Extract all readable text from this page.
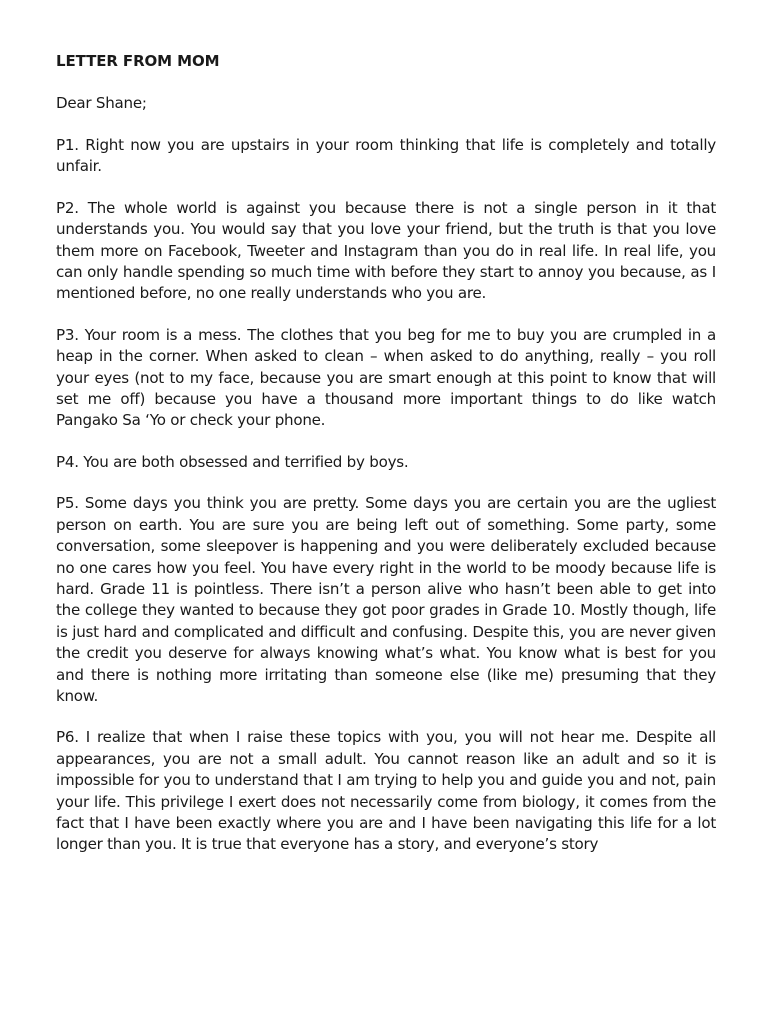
LETTER FROM MOM
Dear Shane;

P1. Right now you are upstairs in your room thinking that life is completely and totally unfair.

P2. The whole world is against you because there is not a single person in it that understands you. You would say that you love your friend, but the truth is that you love them more on Facebook, Tweeter and Instagram than you do in real life. In real life, you can only handle spending so much time with before they start to annoy you because, as I mentioned before, no one really understands who you are.

P3. Your room is a mess. The clothes that you beg for me to buy you are crumpled in a heap in the corner. When asked to clean – when asked to do anything, really – you roll your eyes (not to my face, because you are smart enough at this point to know that will set me off) because you have a thousand more important things to do like watch Pangako Sa ‘Yo or check your phone.

P4. You are both obsessed and terrified by boys.

P5. Some days you think you are pretty. Some days you are certain you are the ugliest person on earth. You are sure you are being left out of something. Some party, some conversation, some sleepover is happening and you were deliberately excluded because no one cares how you feel. You have every right in the world to be moody because life is hard. Grade 11 is pointless. There isn’t a person alive who hasn’t been able to get into the college they wanted to because they got poor grades in Grade 10. Mostly though, life is just hard and complicated and difficult and confusing. Despite this, you are never given the credit you deserve for always knowing what’s what. You know what is best for you and there is nothing more irritating than someone else (like me) presuming that they know.

P6. I realize that when I raise these topics with you, you will not hear me. Despite all appearances, you are not a small adult. You cannot reason like an adult and so it is impossible for you to understand that I am trying to help you and guide you and not, pain your life. This privilege I exert does not necessarily come from biology, it comes from the fact that I have been exactly where you are and I have been navigating this life for a lot longer than you. It is true that everyone has a story, and everyone’s story
